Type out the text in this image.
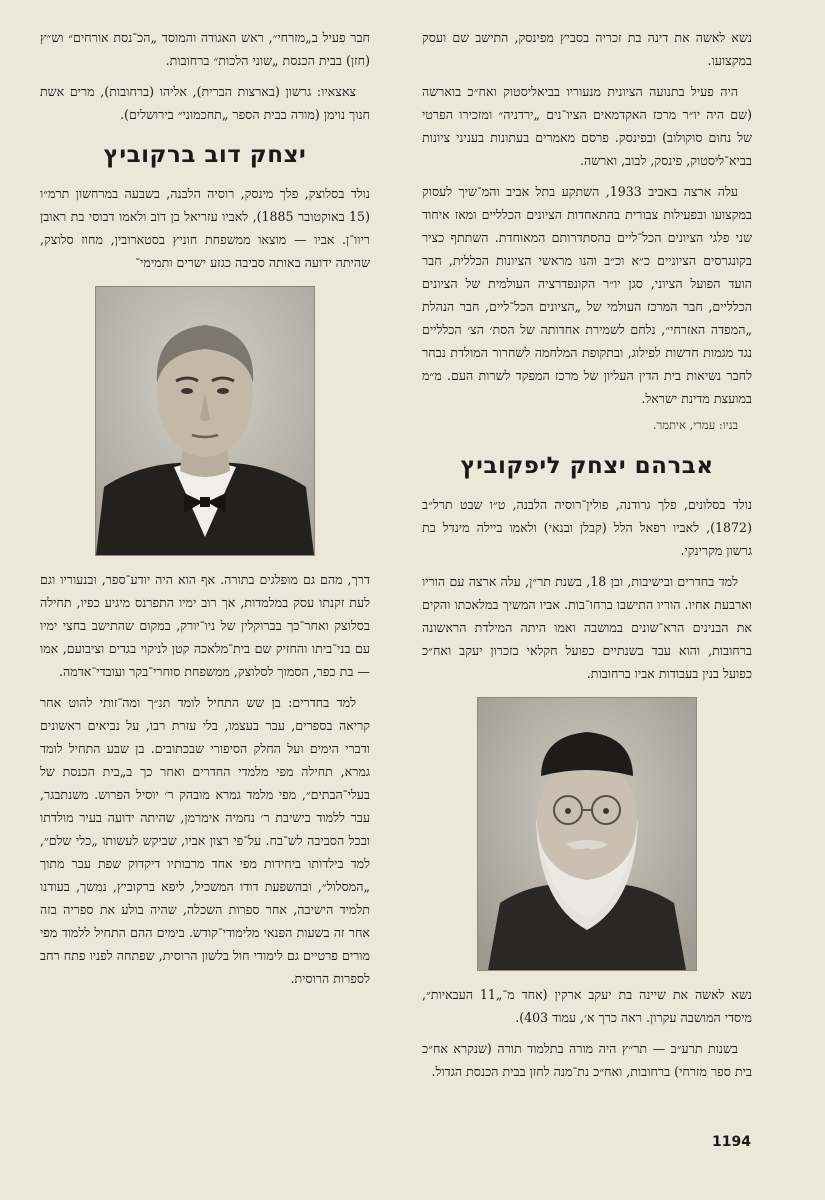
נשא לאשה את דינה בת זכריה בסביץ מפינסק, התישב שם ועסק במקצועו.

היה פעיל בתנועה הציונית מנעוריו בביאליסטוק ואח״כ בוארשה (שם היה יו״ר מרכז האקדמאים הציו־נים „ירדניה״ ומזכירו הפרטי של נחום סוקולוב) ובפינסק. פרסם מאמרים בעתונות בעניני ציונות בביא־ליסטוק, פינסק, לבוב, וארשה.

עלה ארצה באביב 1933, השתקע בתל אביב והמ־שיך לעסוק במקצועו ובפעילות צבורית בהתאחדות הציונים הכלליים ומאז איחוד שני פלגי הציונים הכל־ליים בהסתדרותם המאוחדת. השתתף כציר בקונגרסים הציוניים כ״א וכ״ב והנו מראשי הציונות הכללית, חבר הועד הפועל הציוני, סגן יו״ר הקונפדרציה העולמית של הציונים הכלליים, חבר המרכז העולמי של „הציונים הכל־ליים, חבר הנהלת „המפדה האזרחי״, נלחם לשמירת אחדותה של הסת׳ הצ׳ הכלליים נגד מגמות חדשות לפילוג, ובתקופת המלחמה לשחרור המולדת נבחר לחבר נשיאות בית הדין העליון של מרכז המפקד לשרות העם. מ״מ במועצת מדינת ישראל.

בניו: עמרי, איתמר.

אברהם יצחק ליפקוביץ

נולד בסלונים, פלך גרודנה, פולין־רוסיה הלבנה, ט״ו שבט תרל״ב (1872), לאביו רפאל הלל (קבלן ובנאי) ולאמו ביילה מינדל בת גרשון מקרינקי.

למד בחדרים ובישיבות, ובן 18, בשנת תר״ן, עלה ארצה עם הוריו וארבעת אחיו. הוריו התישבו ברחו־בות. אביו המשיך במלאכתו והקים את הבנינים הרא־שונים במושבה ואמו היתה המילדת הראשונה ברחובות, והוא עבד בשנתיים כפועל חקלאי בזכרון יעקב ואח״כ כפועל בנין בעבודות אביו ברחובות.

נשא לאשה את שיינה בת יעקב ארקין (אחד מ־„11 העבאיות״, מיסדי המושבה עקרון. ראה כרך א׳, עמוד 403).

בשנות תרע״ב — תר״ץ היה מורה בתלמוד תורה (שנקרא אח״כ בית ספר מזרחי) ברחובות, ואח״כ נת־מנה לחזן בבית הכנסת הגדול.

חבר פעיל ב„מזרחי״, ראש האגודה והמוסד „הכ־נסת אורחים״ וש״ץ (חזן) בבית הכנסת „שוני הלכות״ ברחובות.

צאצאיו: גרשון (בארצות הברית), אליהו (ברחובות), מרים אשת חנוך נוימן (מורה בבית הספר „תחכמוני״ בירושלים).

יצחק דוב ברקוביץ

נולד בסלוצק, פלך מינסק, רוסיה הלבנה, בשבעה במרחשון תרמ״ו (15 באוקטובר 1885), לאביו עזריאל בן דוב ולאמו דבוסי בת ראובן ריוו־ן. אביו — מוצאו ממשפחת חוניץ בסטארובין, מחוז סלוצק, שהיתה ידועה באותה סביבה כגזע ישרים ותמימי־

דרך, מהם גם מופלגים בתורה. אף הוא היה יודע־ספר, ובנעוריו וגם לעת זקנתו עסק במלמדות, אך רוב ימיו התפרנס מיגיע כפיו, תחילה בסלוצק ואחר־כך בברוקלין של ניו־יורק, במקום שהתישב בחצי ימיו עם בני־ביתו והחזיק שם בית־מלאכה קטן לניקוי בגדים וציבועם, אמו — בת כפר, הסמוך לסלוצק, ממשפחת סוחרי־בקר ועובדי־אדמה.

למד בחדרים: בן שש התחיל לומד תנ״ך ומה־זותי להוט אחר קריאה בספרים, עבר בעצמו, בלי עזרת רבו, על נביאים ראשונים ודברי הימים ועל החלק הסיפורי שבכתובים. בן שבע התחיל לומד גמרא, תחילה מפי מלמדי החדרים ואחר כך ב„בית הכנסת של בעלי־הבתים״, מפי מלמד גמרא מובהק ר׳ יוסיל הפרוש. משנתבגר, עבר ללמוד בישיבת ר׳ נחמיה אימרמן, שהיתה ידועה בעיר מולדתו ובכל הסביבה לש־בח. על־פי רצון אביו, שביקש לעשותו „כלי שלם״, למד בילדותו ביחידות מפי אחד מרבותיו דיקדוק שפת עבר מתוך „המסלול״, ובהשפעת דודו המשכיל, ליפא ברקוביץ, נמשך, בעודנו תלמיד הישיבה, אחר ספרות השכלה, שהיה בולע את ספריה בזה אחר זה בשעות הפנאי מלימודי־קודש. בימים ההם התחיל ללמוד מפי מורים פרטיים גם לימודי חול בלשון הרוסית, שפתחה לפניו פתח רחב לספרות הרוסית.

1194
